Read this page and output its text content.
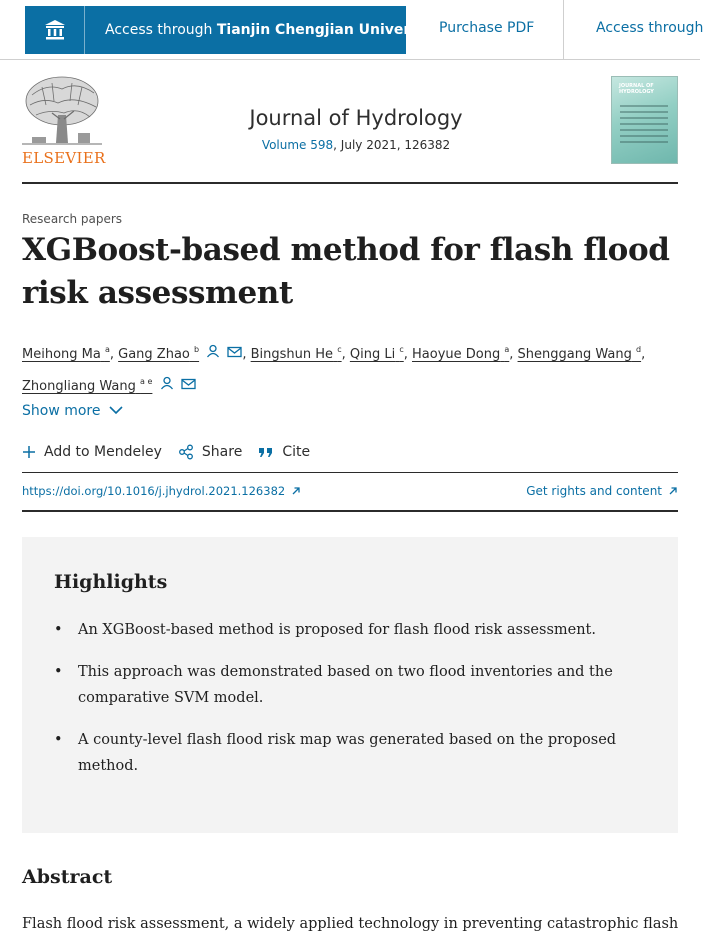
Access through Tianjin Chengjian Univers... Purchase PDF	Access through
ELSEVIER
Journal of Hydrology
Volume 598, July 2021, 126382
JOURNAL OF HYDROLOGY
Research papers
XGBoost-based method for flash flood risk assessment
Meihong Ma $^a$, Gang Zhao $^b$	, Bingshun He $^c$, Qing Li $^c$, Haoyue Dong $^a$, Shenggang Wang $^d$,
Zhongliang Wang $^{a e}$
Show more
Add to Mendeley	Share	Cite
https://doi.org/10.1016/j.jhydrol.2021.126382	Get rights and content
Highlights
• An XGBoost-based method is proposed for flash flood risk assessment.
• This approach was demonstrated based on two flood inventories and the comparative SVM model.
• A county-level flash flood risk map was generated based on the proposed method.
Abstract

Flash flood risk assessment, a widely applied technology in preventing catastrophic flash
